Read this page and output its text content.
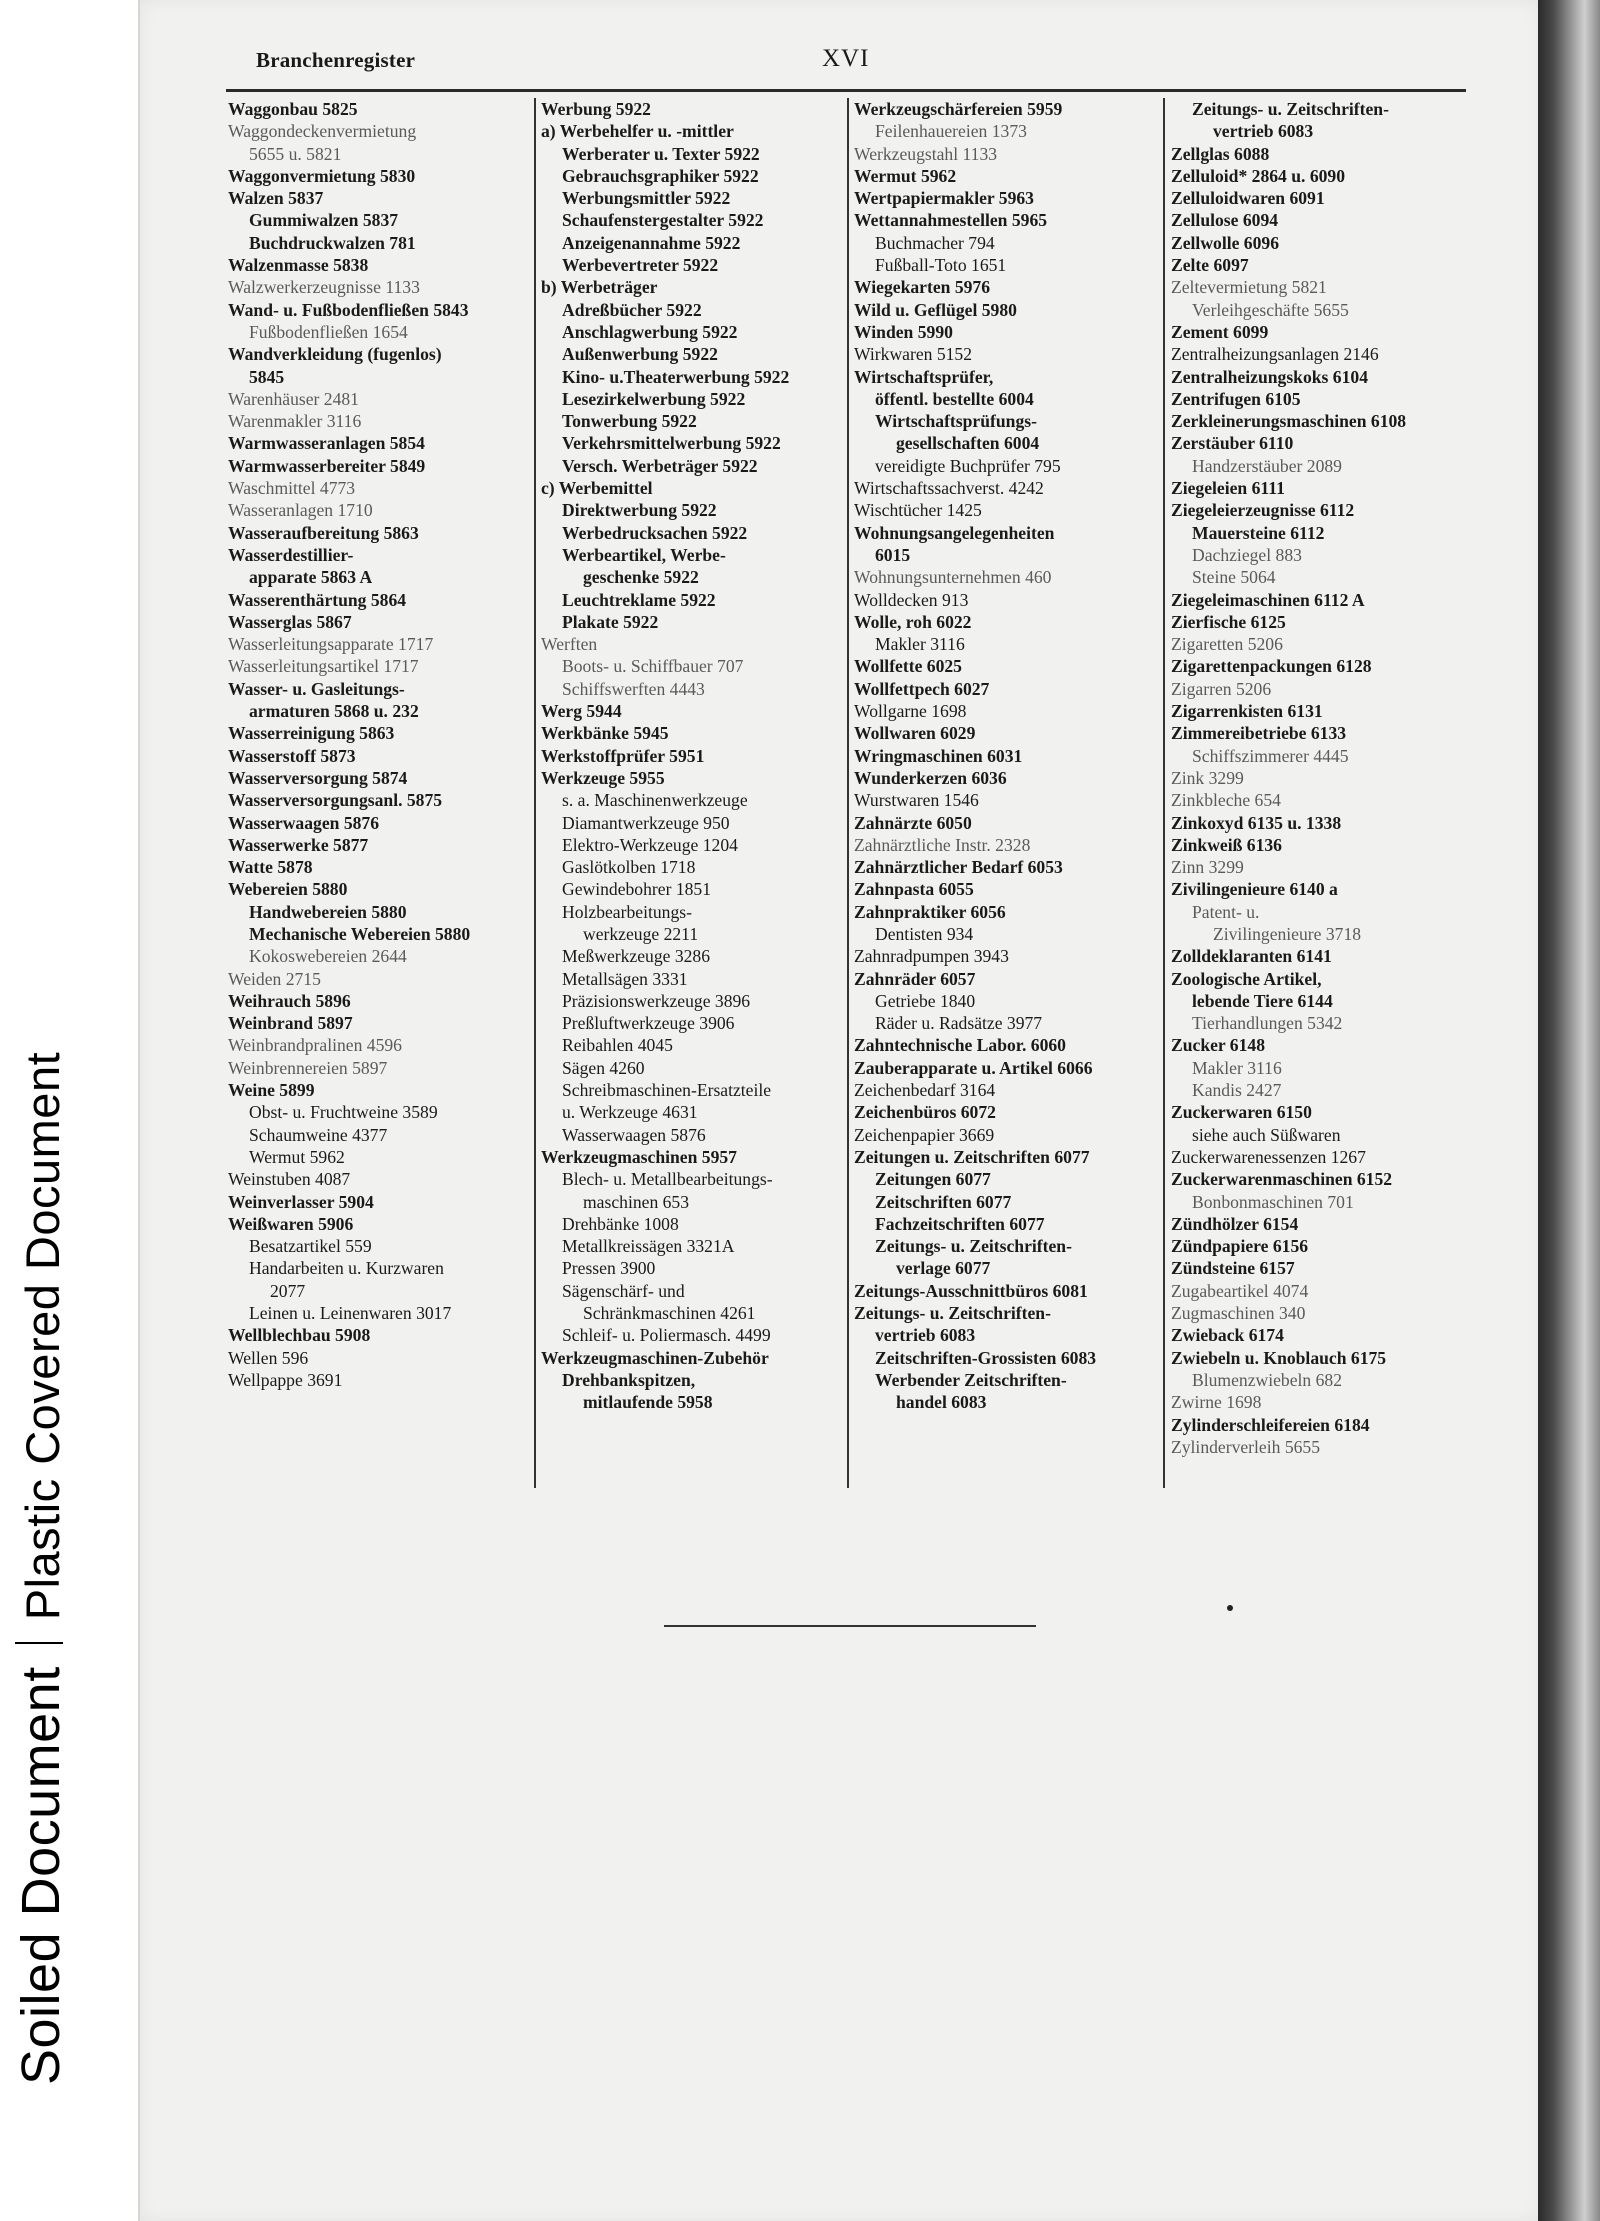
Soiled DocumentPlastic Covered Document
Branchenregister	XVI
Waggonbau 5825
Waggondeckenvermietung
5655 u. 5821
Waggonvermietung 5830
Walzen 5837
Gummiwalzen 5837
Buchdruckwalzen 781
Walzenmasse 5838
Walzwerkerzeugnisse 1133
Wand- u. Fußbodenfließen 5843
Fußbodenfließen 1654
Wandverkleidung (fugenlos)
5845
Warenhäuser 2481
Warenmakler 3116
Warmwasseranlagen 5854
Warmwasserbereiter 5849
Waschmittel 4773
Wasseranlagen 1710
Wasseraufbereitung 5863
Wasserdestillier-
apparate 5863 A
Wasserenthärtung 5864
Wasserglas 5867
Wasserleitungsapparate 1717
Wasserleitungsartikel 1717
Wasser- u. Gasleitungs-
armaturen 5868 u. 232
Wasserreinigung 5863
Wasserstoff 5873
Wasserversorgung 5874
Wasserversorgungsanl. 5875
Wasserwaagen 5876
Wasserwerke 5877
Watte 5878
Webereien 5880
Handwebereien 5880
Mechanische Webereien 5880
Kokoswebereien 2644
Weiden 2715
Weihrauch 5896
Weinbrand 5897
Weinbrandpralinen 4596
Weinbrennereien 5897
Weine 5899
Obst- u. Fruchtweine 3589
Schaumweine 4377
Wermut 5962
Weinstuben 4087
Weinverlasser 5904
Weißwaren 5906
Besatzartikel 559
Handarbeiten u. Kurzwaren
2077
Leinen u. Leinenwaren 3017
Wellblechbau 5908
Wellen 596
Wellpappe 3691
Werbung 5922
a) Werbehelfer u. -mittler
Werberater u. Texter 5922
Gebrauchsgraphiker 5922
Werbungsmittler 5922
Schaufenstergestalter 5922
Anzeigenannahme 5922
Werbevertreter 5922
b) Werbeträger
Adreßbücher 5922
Anschlagwerbung 5922
Außenwerbung 5922
Kino- u.Theaterwerbung 5922
Lesezirkelwerbung 5922
Tonwerbung 5922
Verkehrsmittelwerbung 5922
Versch. Werbeträger 5922
c) Werbemittel
Direktwerbung 5922
Werbedrucksachen 5922
Werbeartikel, Werbe-
geschenke 5922
Leuchtreklame 5922
Plakate 5922
Werften
Boots- u. Schiffbauer 707
Schiffswerften 4443
Werg 5944
Werkbänke 5945
Werkstoffprüfer 5951
Werkzeuge 5955
s. a. Maschinenwerkzeuge
Diamantwerkzeuge 950
Elektro-Werkzeuge 1204
Gaslötkolben 1718
Gewindebohrer 1851
Holzbearbeitungs-
werkzeuge 2211
Meßwerkzeuge 3286
Metallsägen 3331
Präzisionswerkzeuge 3896
Preßluftwerkzeuge 3906
Reibahlen 4045
Sägen 4260
Schreibmaschinen-Ersatzteile
u. Werkzeuge 4631
Wasserwaagen 5876
Werkzeugmaschinen 5957
Blech- u. Metallbearbeitungs-
maschinen 653
Drehbänke 1008
Metallkreissägen 3321A
Pressen 3900
Sägenschärf- und
Schränkmaschinen 4261
Schleif- u. Poliermasch. 4499
Werkzeugmaschinen-Zubehör
Drehbankspitzen,
mitlaufende 5958
Werkzeugschärfereien 5959
Feilenhauereien 1373
Werkzeugstahl 1133
Wermut 5962
Wertpapiermakler 5963
Wettannahmestellen 5965
Buchmacher 794
Fußball-Toto 1651
Wiegekarten 5976
Wild u. Geflügel 5980
Winden 5990
Wirkwaren 5152
Wirtschaftsprüfer,
öffentl. bestellte 6004
Wirtschaftsprüfungs-
gesellschaften 6004
vereidigte Buchprüfer 795
Wirtschaftssachverst. 4242
Wischtücher 1425
Wohnungsangelegenheiten
6015
Wohnungsunternehmen 460
Wolldecken 913
Wolle, roh 6022
Makler 3116
Wollfette 6025
Wollfettpech 6027
Wollgarne 1698
Wollwaren 6029
Wringmaschinen 6031
Wunderkerzen 6036
Wurstwaren 1546
Zahnärzte 6050
Zahnärztliche Instr. 2328
Zahnärztlicher Bedarf 6053
Zahnpasta 6055
Zahnpraktiker 6056
Dentisten 934
Zahnradpumpen 3943
Zahnräder 6057
Getriebe 1840
Räder u. Radsätze 3977
Zahntechnische Labor. 6060
Zauberapparate u. Artikel 6066
Zeichenbedarf 3164
Zeichenbüros 6072
Zeichenpapier 3669
Zeitungen u. Zeitschriften 6077
Zeitungen 6077
Zeitschriften 6077
Fachzeitschriften 6077
Zeitungs- u. Zeitschriften-
verlage 6077
Zeitungs-Ausschnittbüros 6081
Zeitungs- u. Zeitschriften-
vertrieb 6083
Zeitschriften-Grossisten 6083
Werbender Zeitschriften-
handel 6083
Zeitungs- u. Zeitschriften-
vertrieb 6083
Zellglas 6088
Zelluloid* 2864 u. 6090
Zelluloidwaren 6091
Zellulose 6094
Zellwolle 6096
Zelte 6097
Zeltevermietung 5821
Verleihgeschäfte 5655
Zement 6099
Zentralheizungsanlagen 2146
Zentralheizungskoks 6104
Zentrifugen 6105
Zerkleinerungsmaschinen 6108
Zerstäuber 6110
Handzerstäuber 2089
Ziegeleien 6111
Ziegeleierzeugnisse 6112
Mauersteine 6112
Dachziegel 883
Steine 5064
Ziegeleimaschinen 6112 A
Zierfische 6125
Zigaretten 5206
Zigarettenpackungen 6128
Zigarren 5206
Zigarrenkisten 6131
Zimmereibetriebe 6133
Schiffszimmerer 4445
Zink 3299
Zinkbleche 654
Zinkoxyd 6135 u. 1338
Zinkweiß 6136
Zinn 3299
Zivilingenieure 6140 a
Patent- u.
Zivilingenieure 3718
Zolldeklaranten 6141
Zoologische Artikel,
lebende Tiere 6144
Tierhandlungen 5342
Zucker 6148
Makler 3116
Kandis 2427
Zuckerwaren 6150
siehe auch Süßwaren
Zuckerwarenessenzen 1267
Zuckerwarenmaschinen 6152
Bonbonmaschinen 701
Zündhölzer 6154
Zündpapiere 6156
Zündsteine 6157
Zugabeartikel 4074
Zugmaschinen 340
Zwieback 6174
Zwiebeln u. Knoblauch 6175
Blumenzwiebeln 682
Zwirne 1698
Zylinderschleifereien 6184
Zylinderverleih 5655
